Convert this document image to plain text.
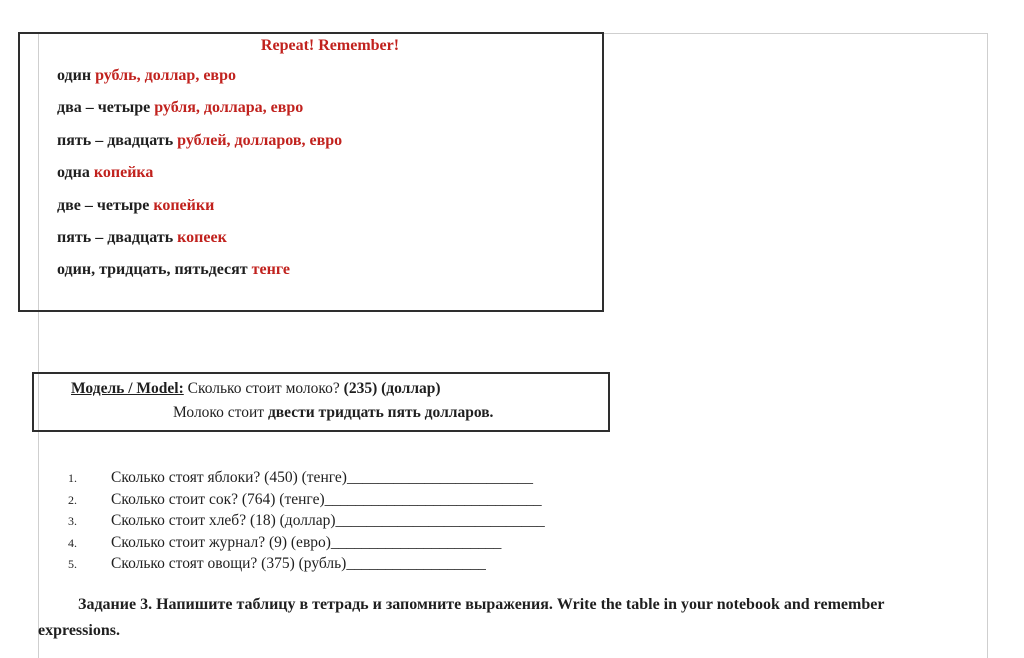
Repeat! Remember!
один рубль, доллар, евро
два – четыре рубля, доллара, евро
пять – двадцать рублей, долларов, евро
одна копейка
две – четыре копейки
пять – двадцать копеек
один, тридцать, пятьдесят тенге
Модель / Model: Сколько стоит молоко? (235) (доллар)
Молоко стоит двести тридцать пять долларов.
1.	Сколько стоят яблоки? (450) (тенге) ________________________
2.	Сколько стоит сок? (764) (тенге) ____________________________
3.	Сколько стоит хлеб? (18) (доллар) ___________________________
4.	Сколько стоит журнал? (9) (евро) ______________________
5.	Сколько стоят овощи? (375) (рубль) __________________
Задание 3. Напишите таблицу в тетрадь и запомните выражения. Write the table in your notebook and remember
expressions.
